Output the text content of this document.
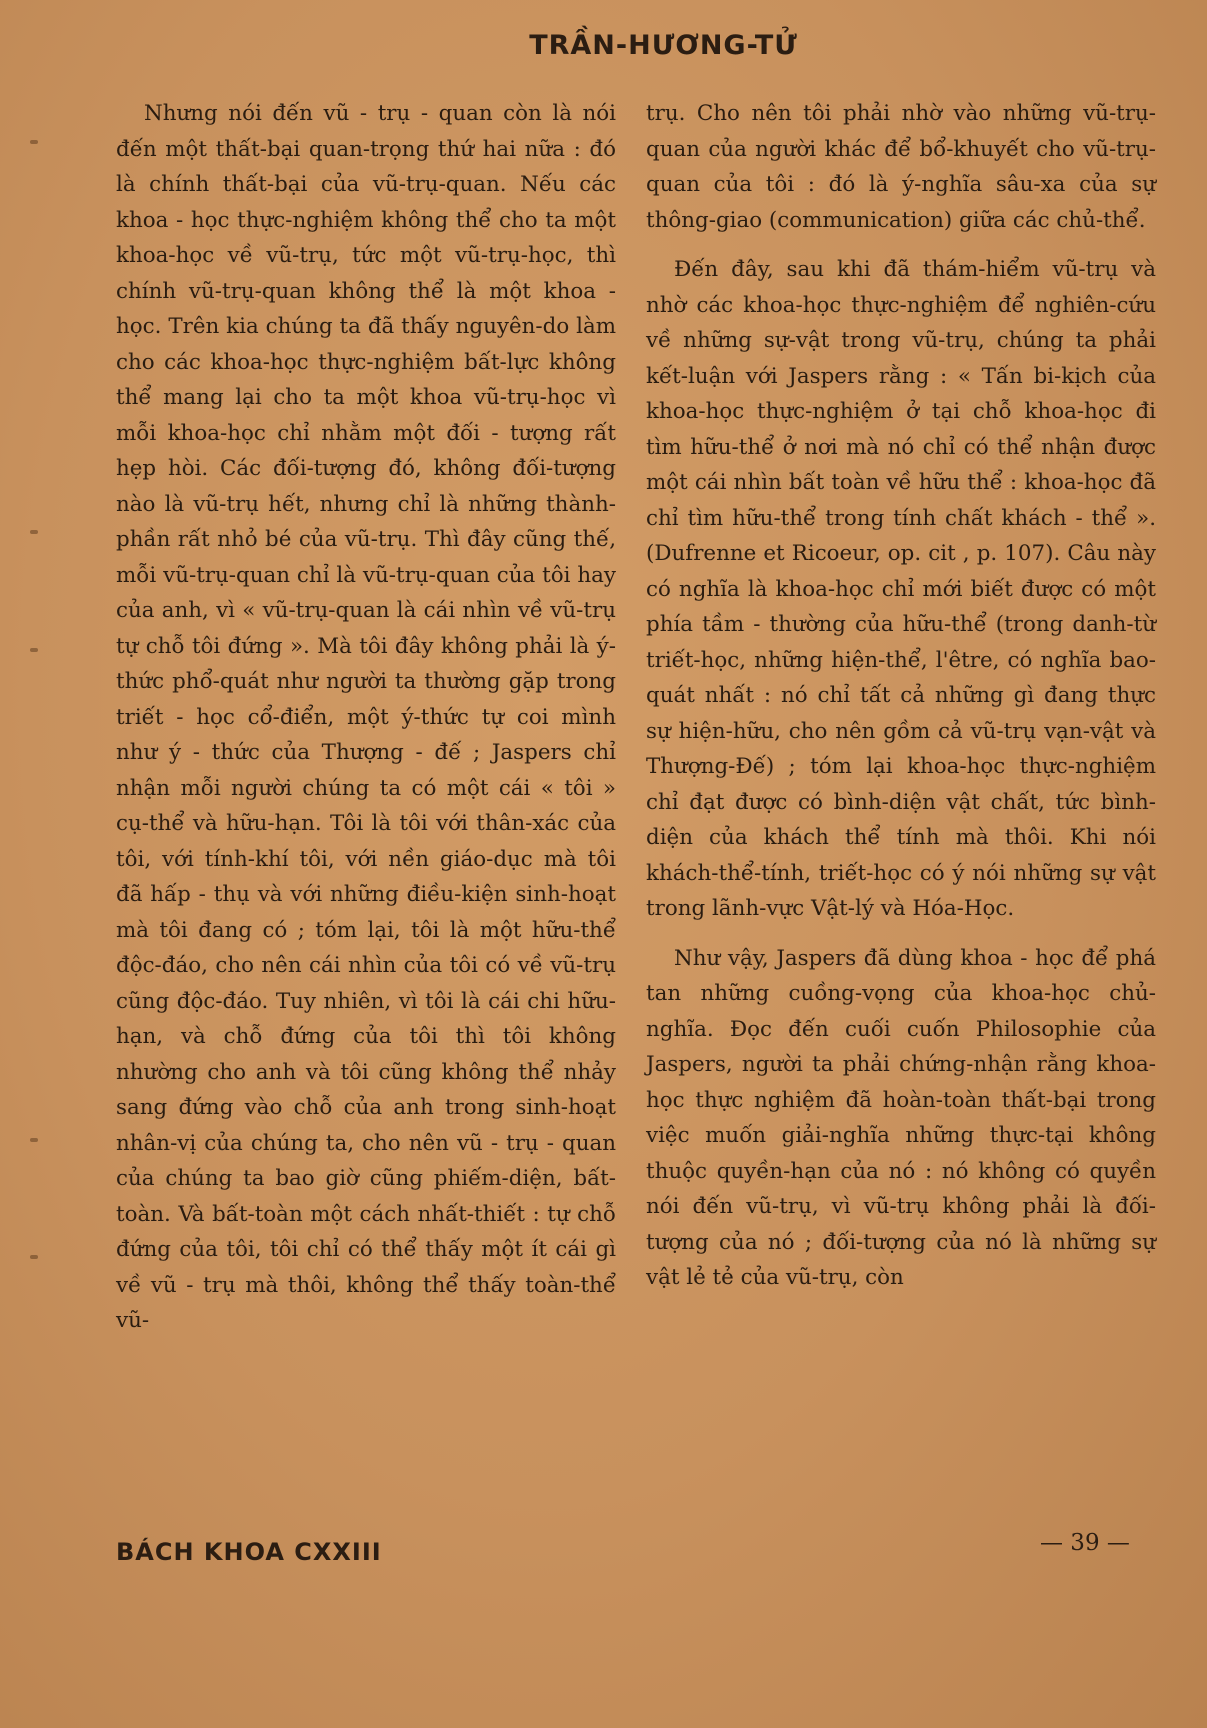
TRẦN-HƯƠNG-TỬ

Nhưng nói đến vũ - trụ - quan còn là nói đến một thất-bại quan-trọng thứ hai nữa : đó là chính thất-bại của vũ-trụ-quan. Nếu các khoa - học thực-nghiệm không thể cho ta một khoa-học về vũ-trụ, tức một vũ-trụ-học, thì chính vũ-trụ-quan không thể là một khoa - học. Trên kia chúng ta đã thấy nguyên-do làm cho các khoa-học thực-nghiệm bất-lực không thể mang lại cho ta một khoa vũ-trụ-học vì mỗi khoa-học chỉ nhằm một đối - tượng rất hẹp hòi. Các đối-tượng đó, không đối-tượng nào là vũ-trụ hết, nhưng chỉ là những thành-phần rất nhỏ bé của vũ-trụ. Thì đây cũng thế, mỗi vũ-trụ-quan chỉ là vũ-trụ-quan của tôi hay của anh, vì « vũ-trụ-quan là cái nhìn về vũ-trụ tự chỗ tôi đứng ». Mà tôi đây không phải là ý-thức phổ-quát như người ta thường gặp trong triết - học cổ-điển, một ý-thức tự coi mình như ý - thức của Thượng - đế ; Jaspers chỉ nhận mỗi người chúng ta có một cái « tôi » cụ-thể và hữu-hạn. Tôi là tôi với thân-xác của tôi, với tính-khí tôi, với nền giáo-dục mà tôi đã hấp - thụ và với những điều-kiện sinh-hoạt mà tôi đang có ; tóm lại, tôi là một hữu-thể độc-đáo, cho nên cái nhìn của tôi có về vũ-trụ cũng độc-đáo. Tuy nhiên, vì tôi là cái chi hữu-hạn, và chỗ đứng của tôi thì tôi không nhường cho anh và tôi cũng không thể nhảy sang đứng vào chỗ của anh trong sinh-hoạt nhân-vị của chúng ta, cho nên vũ - trụ - quan của chúng ta bao giờ cũng phiếm-diện, bất-toàn. Và bất-toàn một cách nhất-thiết : tự chỗ đứng của tôi, tôi chỉ có thể thấy một ít cái gì về vũ - trụ mà thôi, không thể thấy toàn-thể vũ-

trụ. Cho nên tôi phải nhờ vào những vũ-trụ-quan của người khác để bổ-khuyết cho vũ-trụ-quan của tôi : đó là ý-nghĩa sâu-xa của sự thông-giao (communication) giữa các chủ-thể.

Đến đây, sau khi đã thám-hiểm vũ-trụ và nhờ các khoa-học thực-nghiệm để nghiên-cứu về những sự-vật trong vũ-trụ, chúng ta phải kết-luận với Jaspers rằng : « Tấn bi-kịch của khoa-học thực-nghiệm ở tại chỗ khoa-học đi tìm hữu-thể ở nơi mà nó chỉ có thể nhận được một cái nhìn bất toàn về hữu thể : khoa-học đã chỉ tìm hữu-thể trong tính chất khách - thể ». (Dufrenne et Ricoeur, op. cit , p. 107). Câu này có nghĩa là khoa-học chỉ mới biết được có một phía tầm - thường của hữu-thể (trong danh-từ triết-học, những hiện-thể, l'être, có nghĩa bao-quát nhất : nó chỉ tất cả những gì đang thực sự hiện-hữu, cho nên gồm cả vũ-trụ vạn-vật và Thượng-Đế) ; tóm lại khoa-học thực-nghiệm chỉ đạt được có bình-diện vật chất, tức bình-diện của khách thể tính mà thôi. Khi nói khách-thể-tính, triết-học có ý nói những sự vật trong lãnh-vực Vật-lý và Hóa-Học.

Như vậy, Jaspers đã dùng khoa - học để phá tan những cuồng-vọng của khoa-học chủ-nghĩa. Đọc đến cuối cuốn Philosophie của Jaspers, người ta phải chứng-nhận rằng khoa-học thực nghiệm đã hoàn-toàn thất-bại trong việc muốn giải-nghĩa những thực-tại không thuộc quyền-hạn của nó : nó không có quyền nói đến vũ-trụ, vì vũ-trụ không phải là đối-tượng của nó ; đối-tượng của nó là những sự vật lẻ tẻ của vũ-trụ, còn

BÁCH KHOA CXXIII	— 39 —
